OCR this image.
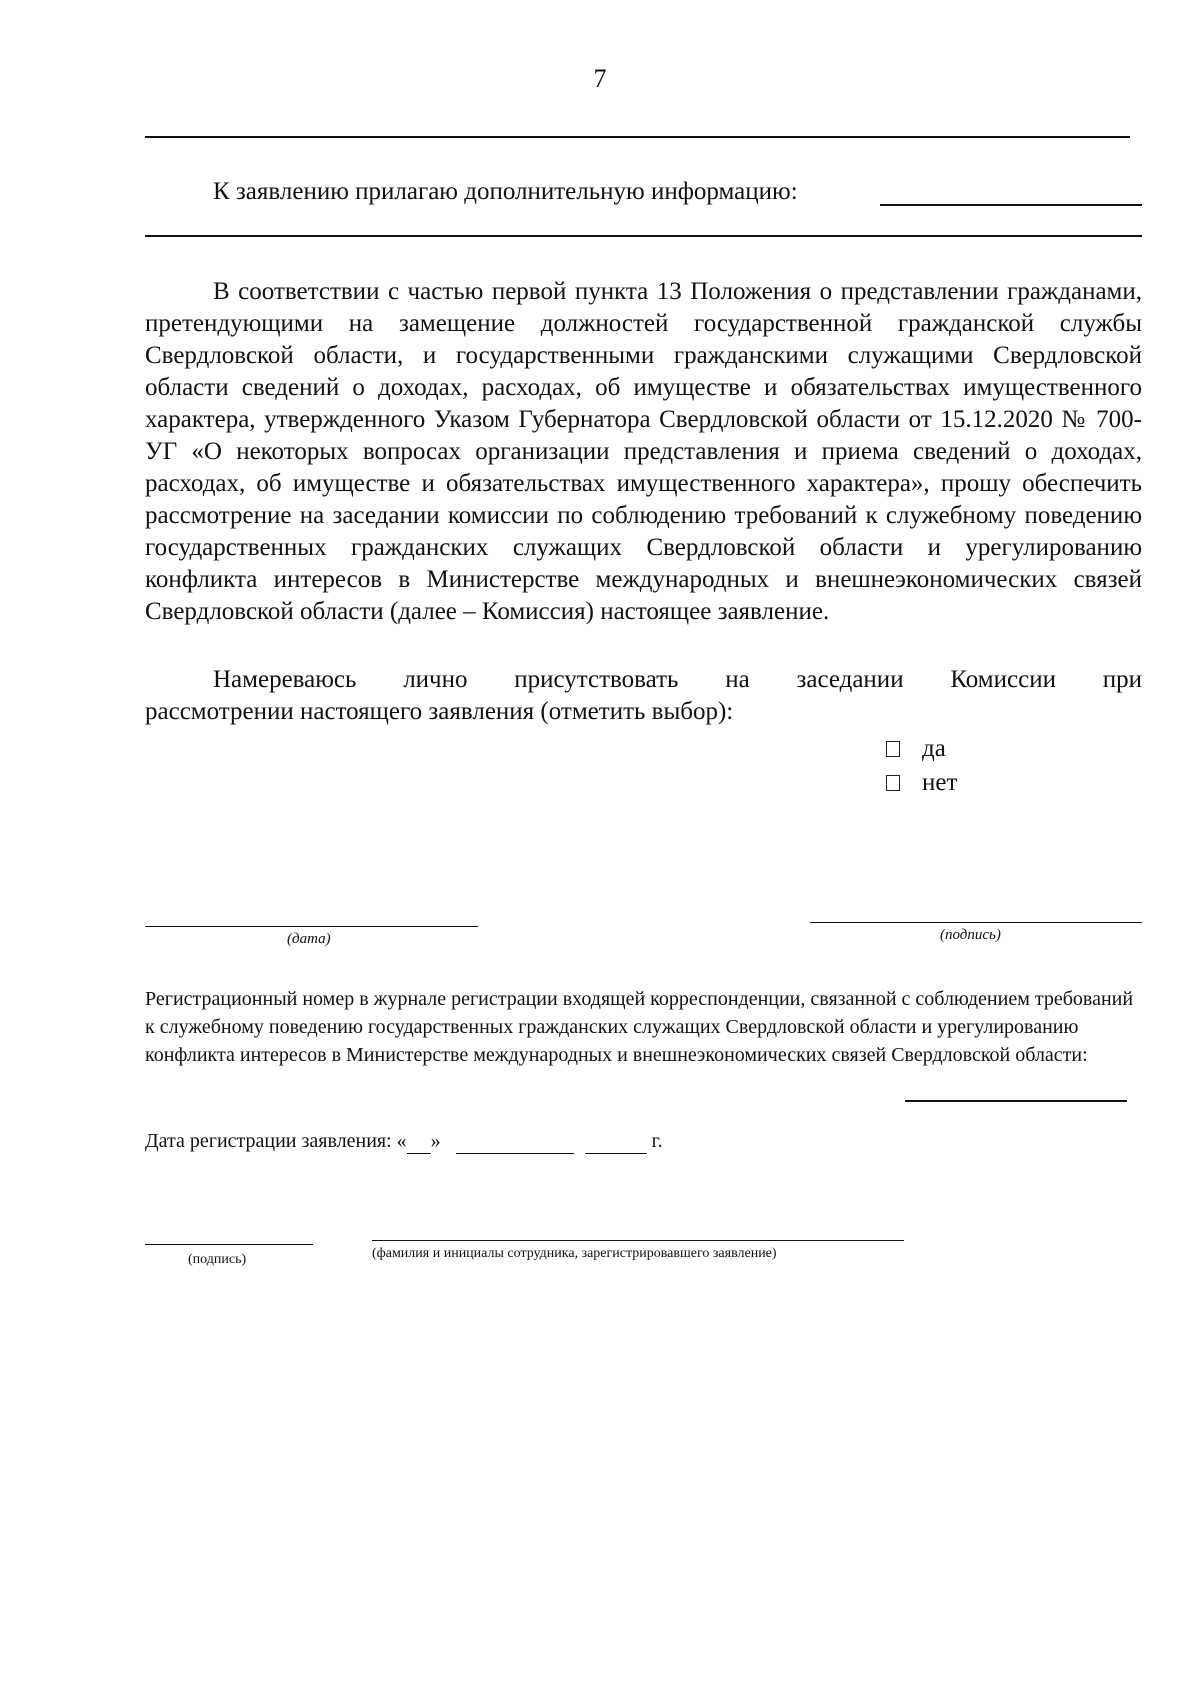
7
К заявлению прилагаю дополнительную информацию:

В соответствии с частью первой пункта 13 Положения о представлении гражданами, претендующими на замещение должностей государственной гражданской службы Свердловской области, и государственными гражданскими служащими Свердловской области сведений о доходах, расходах, об имуществе и обязательствах имущественного характера, утвержденного Указом Губернатора Свердловской области от 15.12.2020 № 700-УГ «О некоторых вопросах организации представления и приема сведений о доходах, расходах, об имуществе и обязательствах имущественного характера», прошу обеспечить рассмотрение на заседании комиссии по соблюдению требований к служебному поведению государственных гражданских служащих Свердловской области и урегулированию конфликта интересов в Министерстве международных и внешнеэкономических связей Свердловской области (далее – Комиссия) настоящее заявление.

Намереваюсь лично присутствовать на заседании Комиссии при
рассмотрении настоящего заявления (отметить выбор):
да
нет
(дата)	(подпись)
Регистрационный номер в журнале регистрации входящей корреспонденции, связанной с соблюдением требований к служебному поведению государственных гражданских служащих Свердловской области и урегулированию конфликта интересов в Министерстве международных и внешнеэкономических связей Свердловской области:
Дата регистрации заявления: « »	г.
(подпись)	(фамилия и инициалы сотрудника, зарегистрировавшего заявление)
